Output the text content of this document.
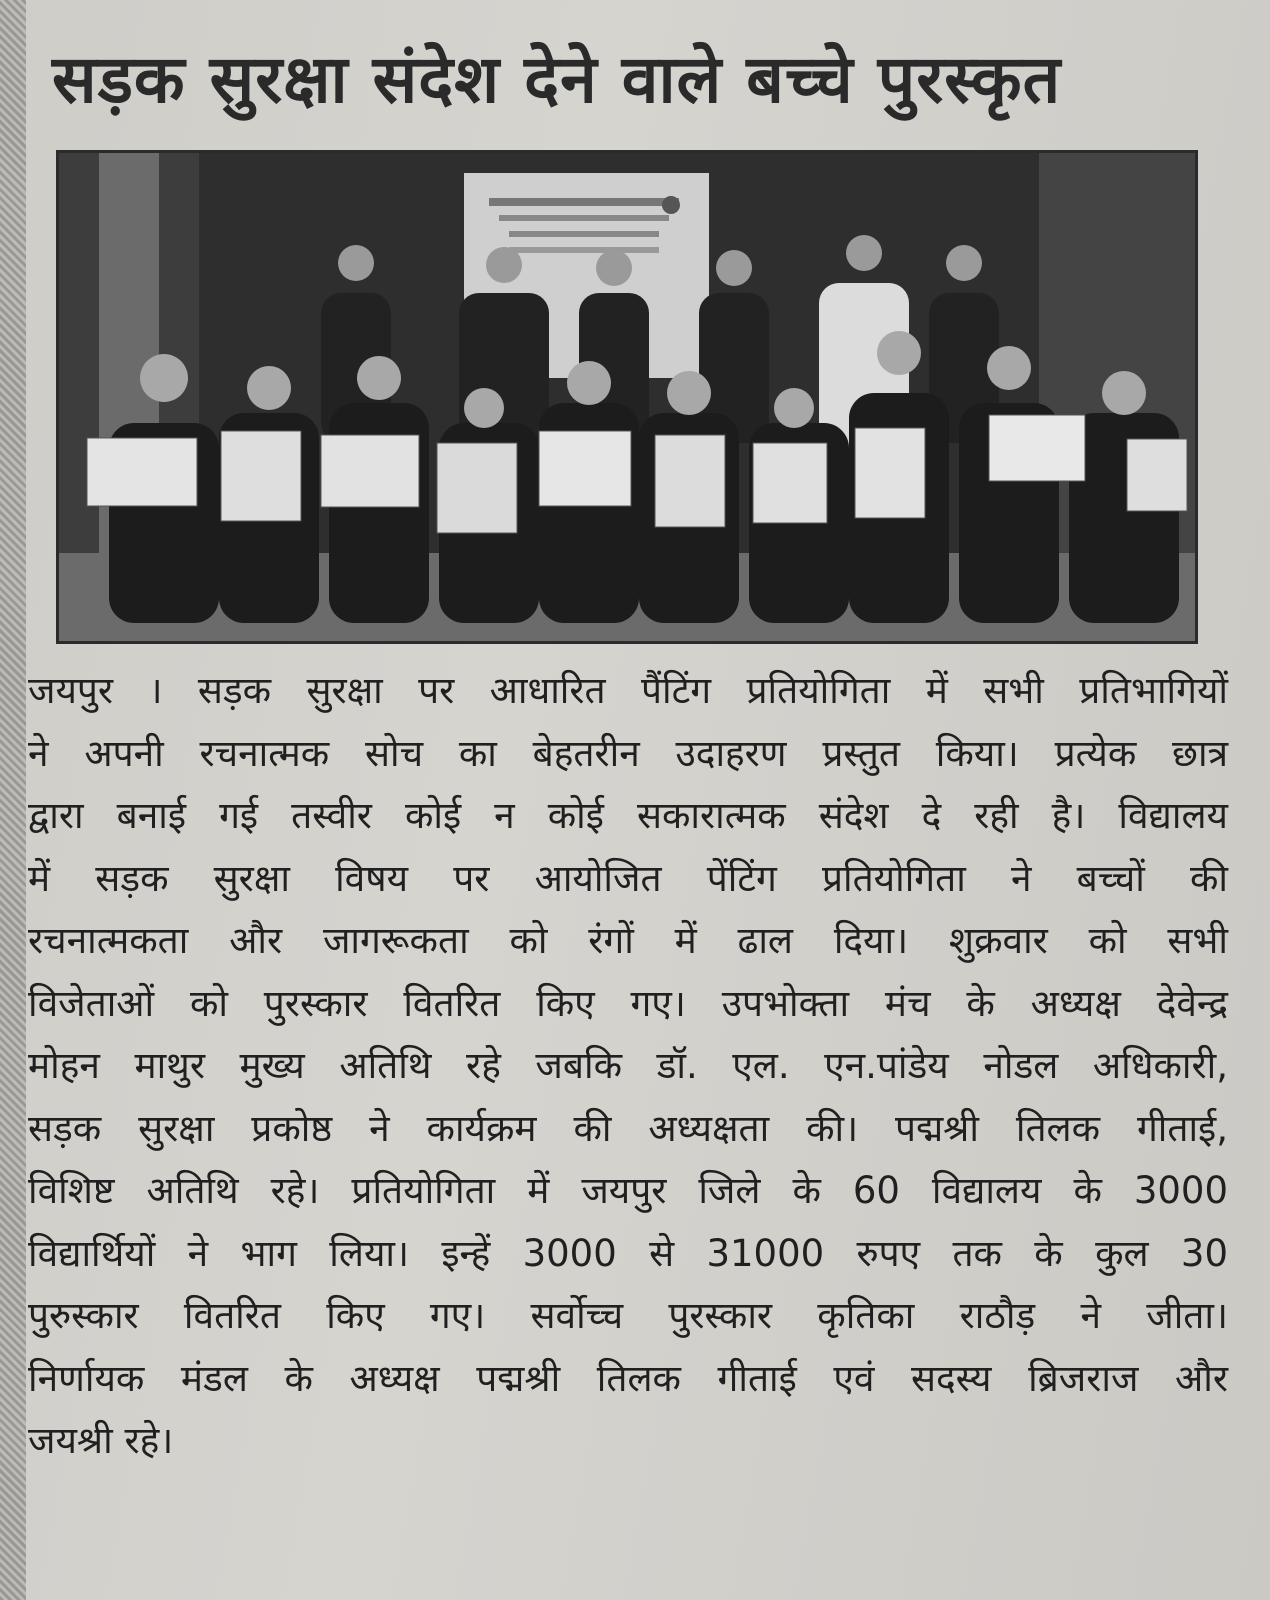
सड़क सुरक्षा संदेश देने वाले बच्चे पुरस्कृत
जयपुर । सड़क सुरक्षा पर आधारित पैंटिंग प्रतियोगिता में सभी प्रतिभागियों
ने अपनी रचनात्मक सोच का बेहतरीन उदाहरण प्रस्तुत किया। प्रत्येक छात्र
द्वारा बनाई गई तस्वीर कोई न कोई सकारात्मक संदेश दे रही है। विद्यालय
में सड़क सुरक्षा विषय पर आयोजित पेंटिंग प्रतियोगिता ने बच्चों की
रचनात्मकता और जागरूकता को रंगों में ढाल दिया। शुक्रवार को सभी
विजेताओं को पुरस्कार वितरित किए गए। उपभोक्ता मंच के अध्यक्ष देवेन्द्र
मोहन माथुर मुख्य अतिथि रहे जबकि डॉ. एल. एन.पांडेय नोडल अधिकारी,
सड़क सुरक्षा प्रकोष्ठ ने कार्यक्रम की अध्यक्षता की। पद्मश्री तिलक गीताई,
विशिष्ट अतिथि रहे। प्रतियोगिता में जयपुर जिले के 60 विद्यालय के 3000
विद्यार्थियों ने भाग लिया। इन्हें 3000 से 31000 रुपए तक के कुल 30
पुरुस्कार वितरित किए गए। सर्वोच्च पुरस्कार कृतिका राठौड़ ने जीता।
निर्णायक मंडल के अध्यक्ष पद्मश्री तिलक गीताई एवं सदस्य ब्रिजराज और
जयश्री रहे।
